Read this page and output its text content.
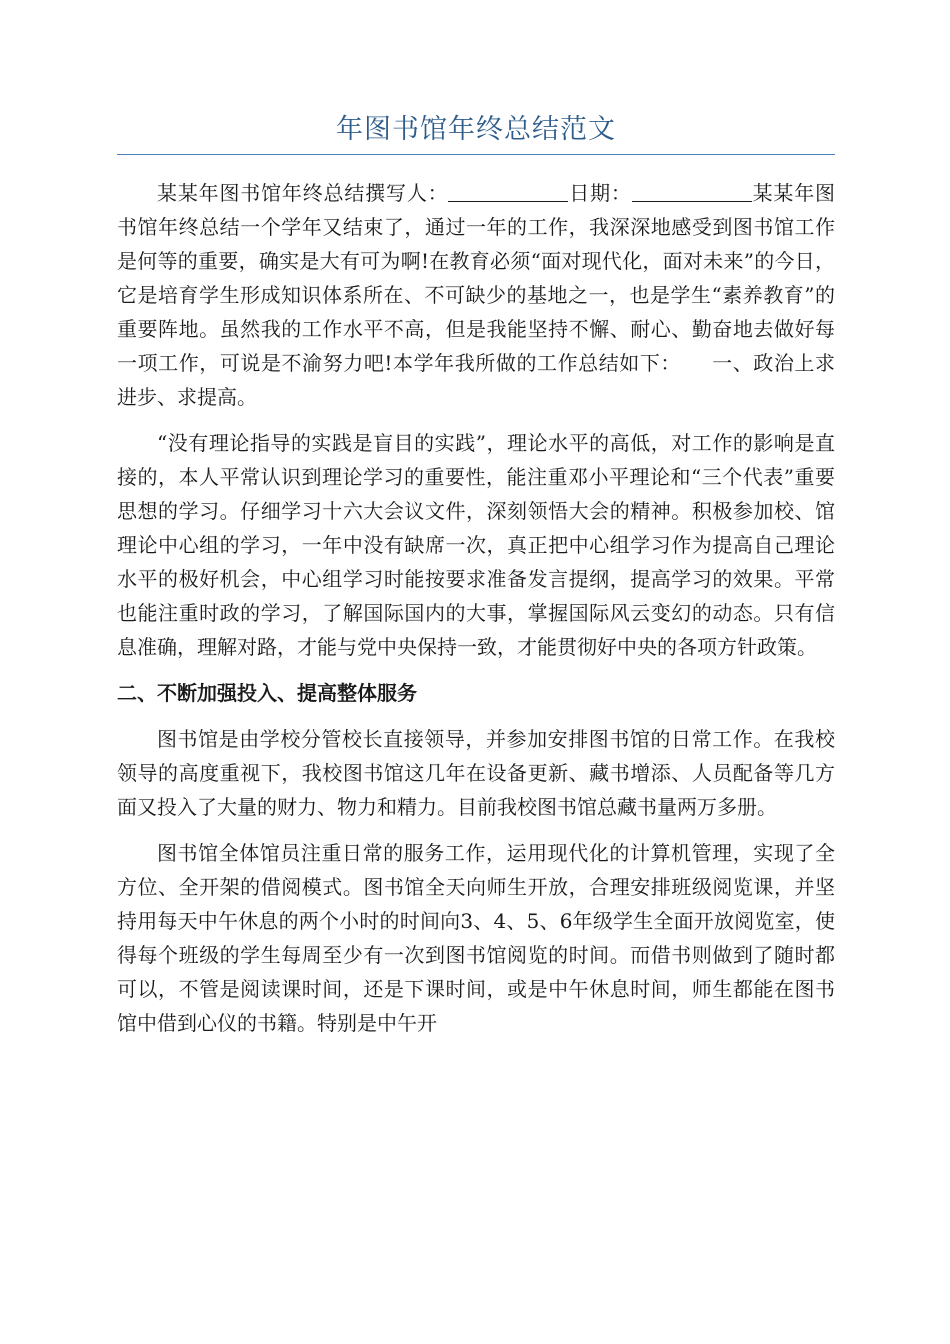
年图书馆年终总结范文

某某年图书馆年终总结撰写人：	日期：	某某年图书馆年终总结一个学年又结束了，通过一年的工作，我深深地感受到图书馆工作是何等的重要，确实是大有可为啊!在教育必须“面对现代化，面对未来”的今日，它是培育学生形成知识体系所在、不可缺少的基地之一，也是学生“素养教育”的重要阵地。虽然我的工作水平不高，但是我能坚持不懈、耐心、勤奋地去做好每一项工作，可说是不渝努力吧!本学年我所做的工作总结如下：　　一、政治上求进步、求提高。

“没有理论指导的实践是盲目的实践”，理论水平的高低，对工作的影响是直接的，本人平常认识到理论学习的重要性，能注重邓小平理论和“三个代表”重要思想的学习。仔细学习十六大会议文件，深刻领悟大会的精神。积极参加校、馆理论中心组的学习，一年中没有缺席一次，真正把中心组学习作为提高自己理论水平的极好机会，中心组学习时能按要求准备发言提纲，提高学习的效果。平常也能注重时政的学习，了解国际国内的大事，掌握国际风云变幻的动态。只有信息准确，理解对路，才能与党中央保持一致，才能贯彻好中央的各项方针政策。

二、不断加强投入、提高整体服务

图书馆是由学校分管校长直接领导，并参加安排图书馆的日常工作。在我校领导的高度重视下，我校图书馆这几年在设备更新、藏书增添、人员配备等几方面又投入了大量的财力、物力和精力。目前我校图书馆总藏书量两万多册。

图书馆全体馆员注重日常的服务工作，运用现代化的计算机管理，实现了全方位、全开架的借阅模式。图书馆全天向师生开放，合理安排班级阅览课，并坚持用每天中午休息的两个小时的时间向3、4、5、6年级学生全面开放阅览室，使得每个班级的学生每周至少有一次到图书馆阅览的时间。而借书则做到了随时都可以，不管是阅读课时间，还是下课时间，或是中午休息时间，师生都能在图书馆中借到心仪的书籍。特别是中午开
